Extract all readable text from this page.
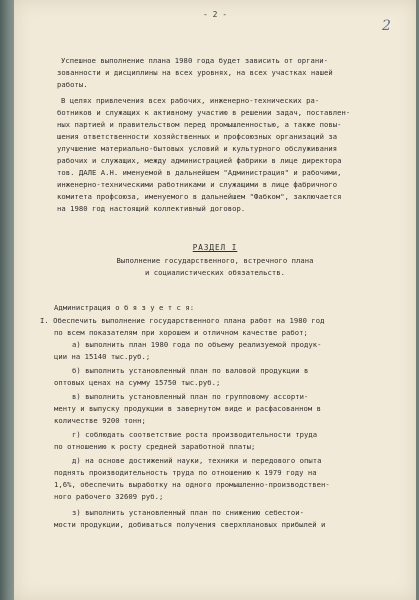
- 2 -
2
Успешное выполнение плана 1980 года будет зависить от органи-
зованности и дисциплины на всех уровнях, на всех участках нашей
работы.
В целях привлечения всех рабочих, инженерно-технических ра-
ботников и служащих к активному участию в решении задач, поставлен-
ных партией и правительством перед промышленностью, а также повы-
шения ответственности хозяйственных и профсоюзных организаций за
улучшение материально-бытовых условий и культурного обслуживания
рабочих и служащих, между администрацией фабрики в лице директора
тов. ДАЛЕ А.Н. именуемой в дальнейшем "Администрация" и рабочими,
инженерно-техническими работниками и служащими в лице фабричного
комитета профсоюза, именуемого в дальнейшем "Фабком", заключается
на 1980 год настоящий коллективный договор.
РАЗДЕЛ I
Выполнение государственного, встречного плана
и социалистических обязательств.
Администрация о б я з у е т с я:
I. Обеспечить выполнение государственного плана работ на 1980 год
по всем показателям при хорошем и отличном качестве работ;
а) выполнить план 1980 года по объему реализуемой продук-
ции на 15140 тыс.руб.;
б) выполнить установленный план по валовой продукции в
оптовых ценах на сумму 15750 тыс.руб.;
в) выполнить установленный план по групповому ассорти-
менту и выпуску продукции в завернутом виде и расфасованном в
количестве 9200 тонн;
г) соблюдать соответствие роста производительности труда
по отношению к росту средней заработной платы;
д) на основе достижений науки, техники и передового опыта
поднять производительность труда по отношению к 1979 году на
1,6%, обеспечить выработку на одного промышленно-производствен-
ного рабочего 32609 руб.;
з) выполнить установленный план по снижению себестои-
мости продукции, добиваться получения сверхплановых прибылей и
